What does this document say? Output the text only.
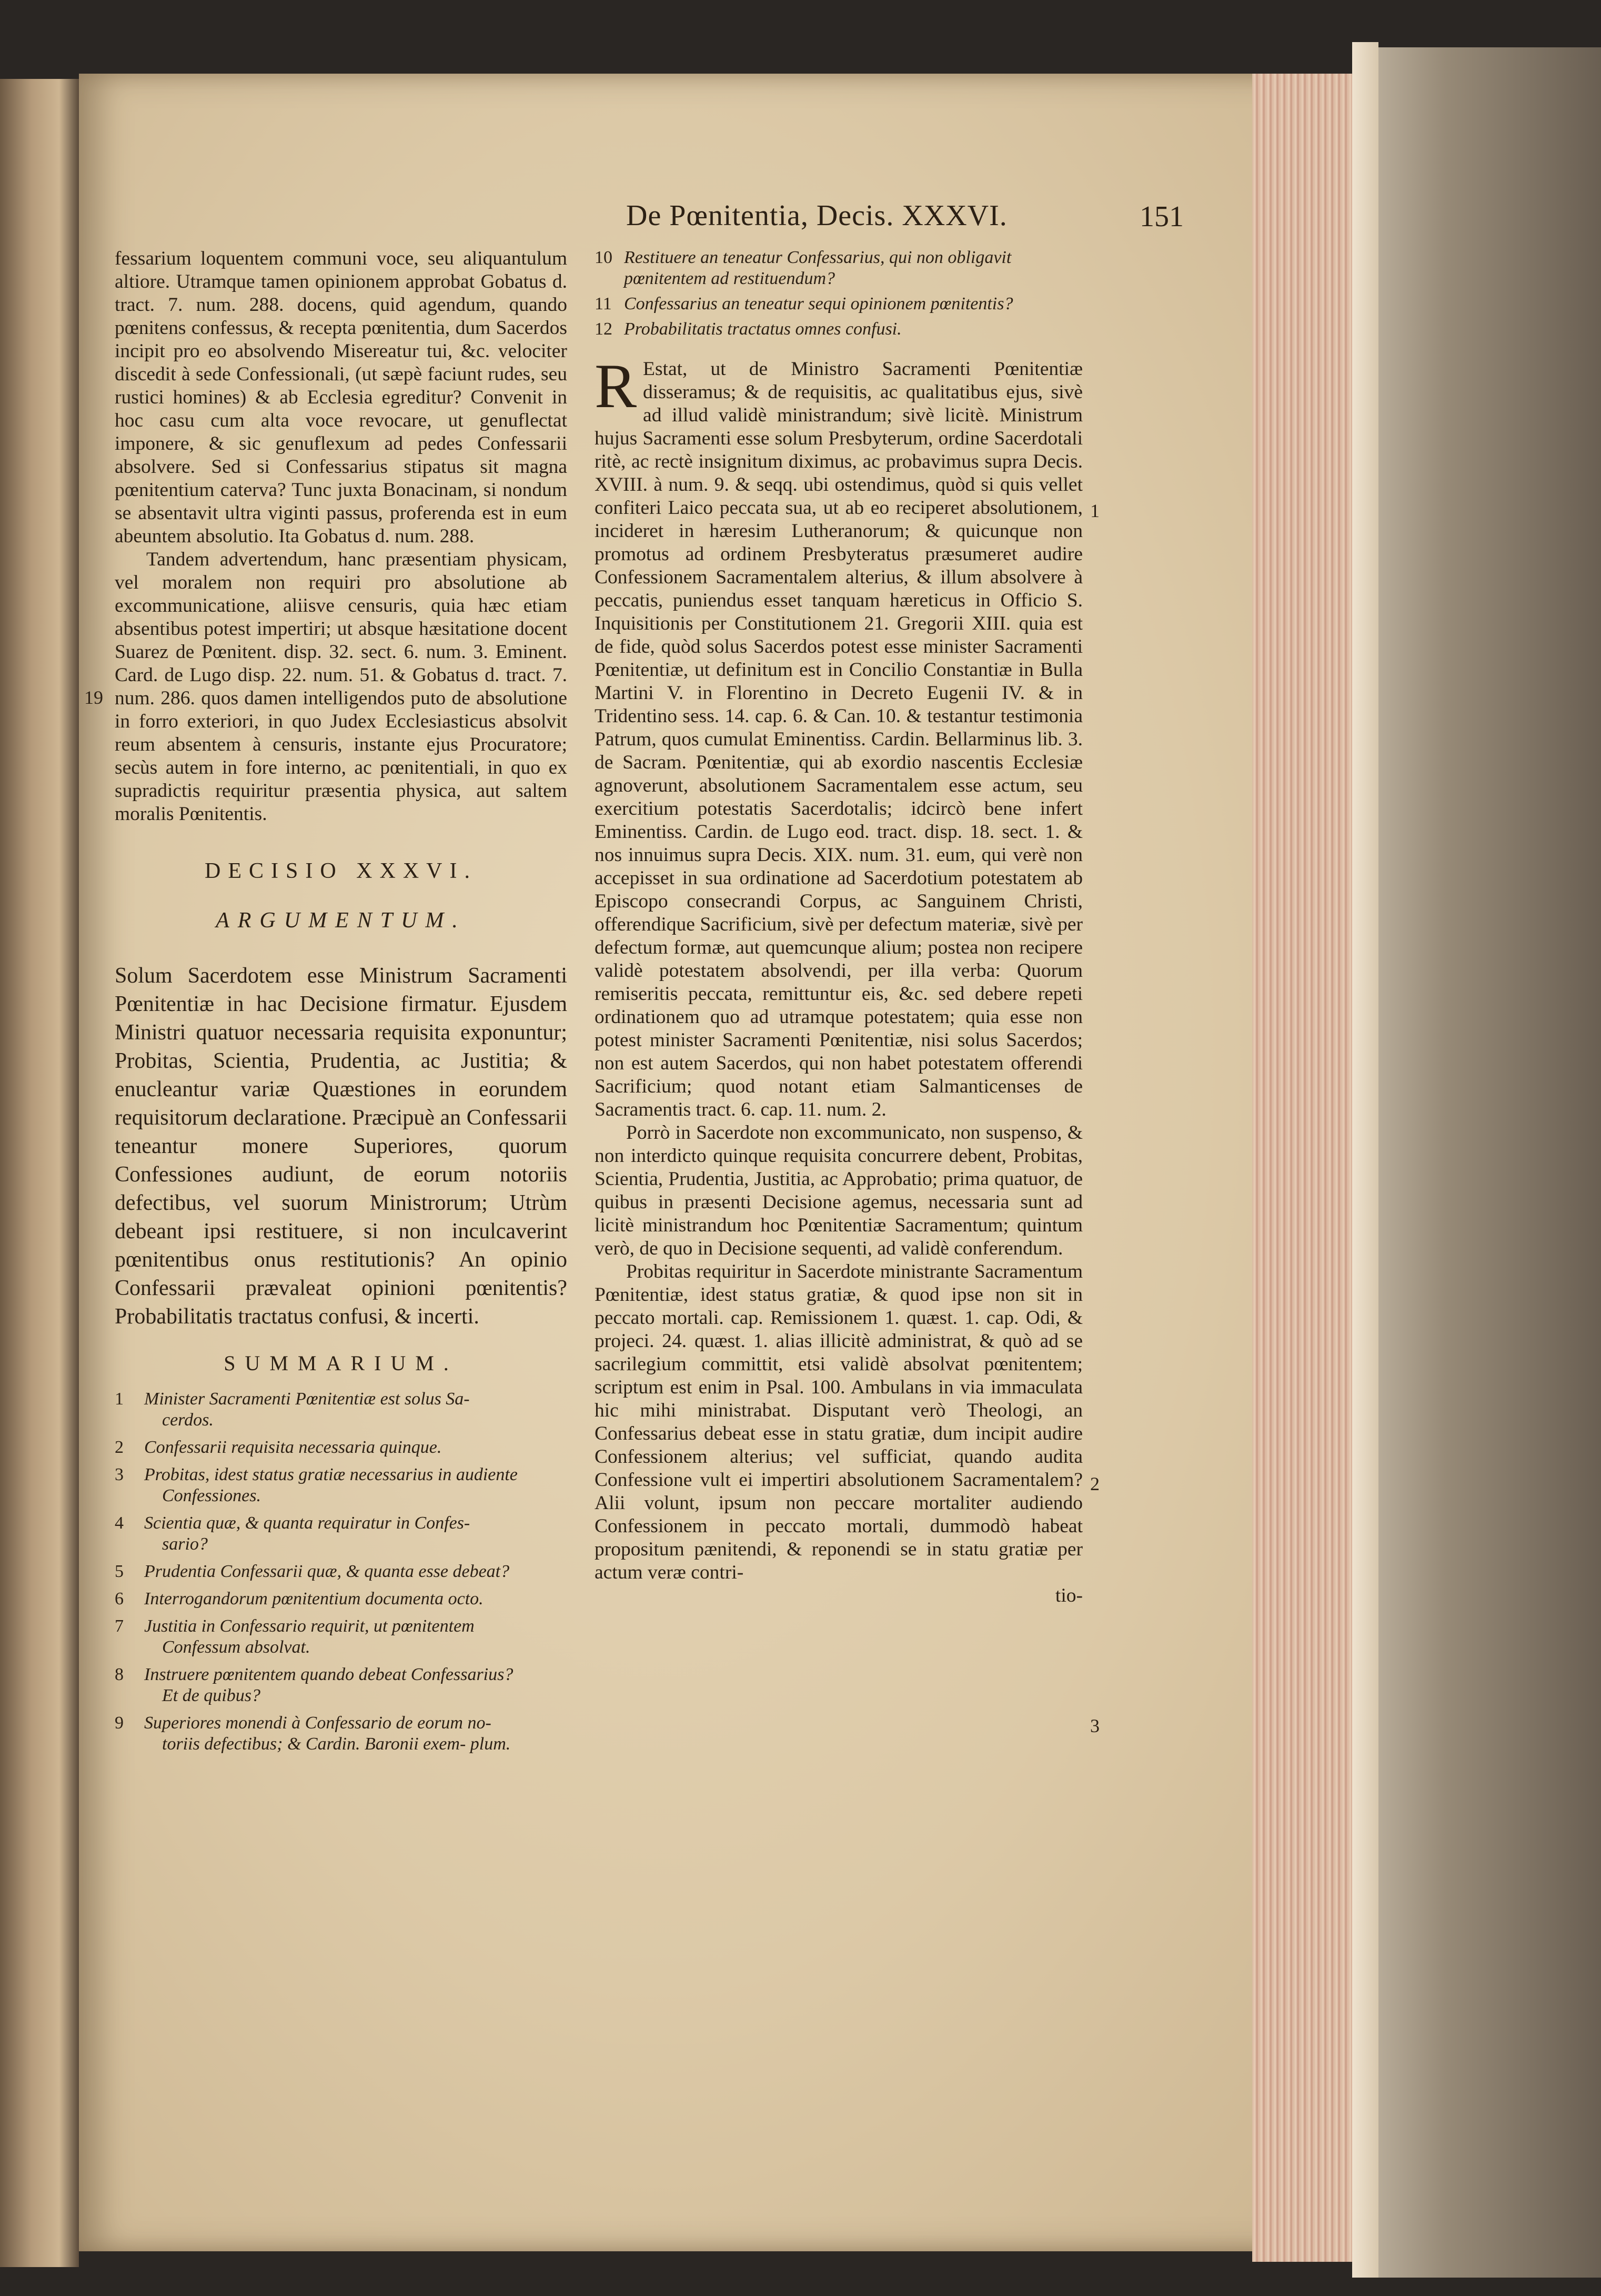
De Pœnitentia, Decis. XXXVI.	151

fessarium loquentem communi voce, seu aliquantulum altiore. Utramque tamen opinionem approbat Gobatus d. tract. 7. num. 288. docens, quid agendum, quando pœnitens confessus, & recepta pœnitentia, dum Sacerdos incipit pro eo absolvendo Misereatur tui, &c. velociter discedit à sede Confessionali, (ut sæpè faciunt rudes, seu rustici homines) & ab Ecclesia egreditur? Convenit in hoc casu cum alta voce revocare, ut genuflectat imponere, & sic genuflexum ad pedes Confessarii absolvere. Sed si Confessarius stipatus sit magna pœnitentium caterva? Tunc juxta Bonacinam, si nondum se absentavit ultra viginti passus, proferenda est in eum abeuntem absolutio. Ita Gobatus d. num. 288.

Tandem advertendum, hanc præsentiam physicam, vel moralem non requiri pro absolutione ab excommunicatione, aliisve censuris, quia hæc etiam absentibus potest impertiri; ut absque hæsitatione docent Suarez de Pœnitent. disp. 32. sect. 6. num. 3. Eminent. Card. de Lugo disp. 22. num. 51. & Gobatus d. tract. 7. num. 286. quos damen intelligendos puto de absolutione in forro exteriori, in quo Judex Ecclesiasticus absolvit reum absentem à censuris, instante ejus Procuratore; secùs autem in fore interno, ac pœnitentiali, in quo ex supradictis requiritur præsentia physica, aut saltem moralis Pœnitentis.

DECISIO XXXVI.
ARGUMENTUM.

Solum Sacerdotem esse Ministrum Sacramenti Pœnitentiæ in hac Decisione firmatur. Ejusdem Ministri quatuor necessaria requisita exponuntur; Probitas, Scientia, Prudentia, ac Justitia; & enucleantur variæ Quæstiones in eorundem requisitorum declaratione. Præcipuè an Confessarii teneantur monere Superiores, quorum Confessiones audiunt, de eorum notoriis defectibus, vel suorum Ministrorum; Utrùm debeant ipsi restituere, si non inculcaverint pœnitentibus onus restitutionis? An opinio Confessarii prævaleat opinioni pœnitentis? Probabilitatis tractatus confusi, & incerti.

SUMMARIUM.
1 Minister Sacramenti Pœnitentiæ est solus Sa-
cerdos.
2 Confessarii requisita necessaria quinque.
3 Probitas, idest status gratiæ necessarius in audiente
Confessiones.
4 Scientia quæ, & quanta requiratur in Confes-
sario?
5 Prudentia Confessarii quæ, & quanta esse debeat?
6 Interrogandorum pœnitentium documenta octo.
7 Justitia in Confessario requirit, ut pœnitentem
Confessum absolvat.
8 Instruere pœnitentem quando debeat Confessarius?
Et de quibus?
9 Superiores monendi à Confessario de eorum no-
toriis defectibus; & Cardin. Baronii exem- plum.
19
10 Restituere an teneatur Confessarius, qui non obligavit pœnitentem ad restituendum?
11 Confessarius an teneatur sequi opinionem pœnitentis?
12 Probabilitatis tractatus omnes confusi.

R Estat, ut de Ministro Sacramenti Pœnitentiæ disseramus; & de requisitis, ac qualitatibus ejus, sivè ad illud validè ministrandum; sivè licitè. Ministrum hujus Sacramenti esse solum Presbyterum, ordine Sacerdotali ritè, ac rectè insignitum diximus, ac probavimus supra Decis. XVIII. à num. 9. & seqq. ubi ostendimus, quòd si quis vellet confiteri Laico peccata sua, ut ab eo reciperet absolutionem, incideret in hæresim Lutheranorum; & quicunque non promotus ad ordinem Presbyteratus præsumeret audire Confessionem Sacramentalem alterius, & illum absolvere à peccatis, puniendus esset tanquam hæreticus in Officio S. Inquisitionis per Constitutionem 21. Gregorii XIII. quia est de fide, quòd solus Sacerdos potest esse minister Sacramenti Pœnitentiæ, ut definitum est in Concilio Constantiæ in Bulla Martini V. in Florentino in Decreto Eugenii IV. & in Tridentino sess. 14. cap. 6. & Can. 10. & testantur testimonia Patrum, quos cumulat Eminentiss. Cardin. Bellarminus lib. 3. de Sacram. Pœnitentiæ, qui ab exordio nascentis Ecclesiæ agnoverunt, absolutionem Sacramentalem esse actum, seu exercitium potestatis Sacerdotalis; idcircò bene infert Eminentiss. Cardin. de Lugo eod. tract. disp. 18. sect. 1. & nos innuimus supra Decis. XIX. num. 31. eum, qui verè non accepisset in sua ordinatione ad Sacerdotium potestatem ab Episcopo consecrandi Corpus, ac Sanguinem Christi, offerendique Sacrificium, sivè per defectum materiæ, sivè per defectum formæ, aut quemcunque alium; postea non recipere validè potestatem absolvendi, per illa verba: Quorum remiseritis peccata, remittuntur eis, &c. sed debere repeti ordinationem quo ad utramque potestatem; quia esse non potest minister Sacramenti Pœnitentiæ, nisi solus Sacerdos; non est autem Sacerdos, qui non habet potestatem offerendi Sacrificium; quod notant etiam Salmanticenses de Sacramentis tract. 6. cap. 11. num. 2.

Porrò in Sacerdote non excommunicato, non suspenso, & non interdicto quinque requisita concurrere debent, Probitas, Scientia, Prudentia, Justitia, ac Approbatio; prima quatuor, de quibus in præsenti Decisione agemus, necessaria sunt ad licitè ministrandum hoc Pœnitentiæ Sacramentum; quintum verò, de quo in Decisione sequenti, ad validè conferendum.

Probitas requiritur in Sacerdote ministrante Sacramentum Pœnitentiæ, idest status gratiæ, & quod ipse non sit in peccato mortali. cap. Remissionem 1. quæst. 1. cap. Odi, & projeci. 24. quæst. 1. alias illicitè administrat, & quò ad se sacrilegium committit, etsi validè absolvat pœnitentem; scriptum est enim in Psal. 100. Ambulans in via immaculata hic mihi ministrabat. Disputant verò Theologi, an Confessarius debeat esse in statu gratiæ, dum incipit audire Confessionem alterius; vel sufficiat, quando audita Confessione vult ei impertiri absolutionem Sacramentalem? Alii volunt, ipsum non peccare mortaliter audiendo Confessionem in peccato mortali, dummodò habeat propositum pænitendi, & reponendi se in statu gratiæ per actum veræ contri-

tio-
1
2
3
